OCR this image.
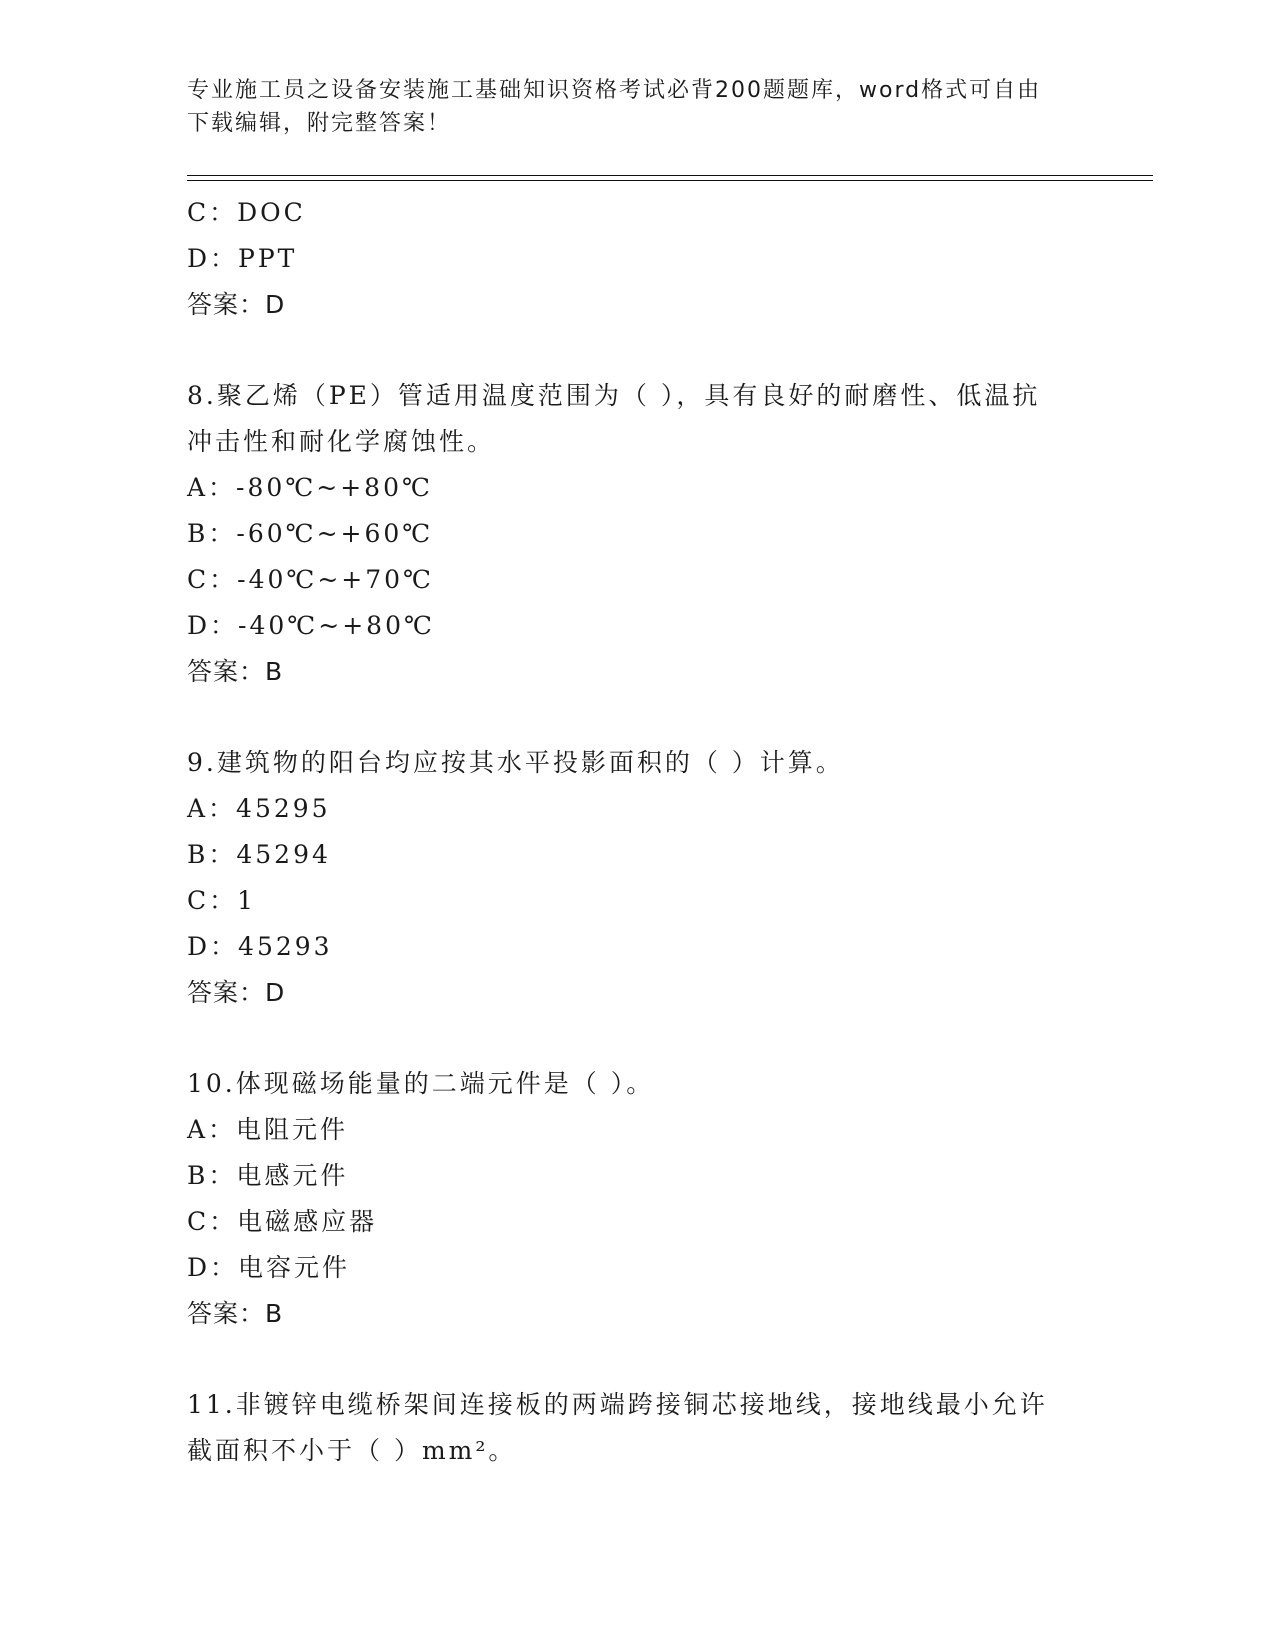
专业施工员之设备安装施工基础知识资格考试必背200题题库，word格式可自由
下载编辑，附完整答案！
C：DOC
D：PPT
答案：D
8.聚乙烯（PE）管适用温度范围为（ ），具有良好的耐磨性、低温抗
冲击性和耐化学腐蚀性。
A：-80℃~+80℃
B：-60℃~+60℃
C：-40℃~+70℃
D：-40℃~+80℃
答案：B
9.建筑物的阳台均应按其水平投影面积的（ ）计算。
A：45295
B：45294
C：1
D：45293
答案：D
10.体现磁场能量的二端元件是（ ）。
A：电阻元件
B：电感元件
C：电磁感应器
D：电容元件
答案：B
11.非镀锌电缆桥架间连接板的两端跨接铜芯接地线，接地线最小允许
截面积不小于（ ）mm²。
